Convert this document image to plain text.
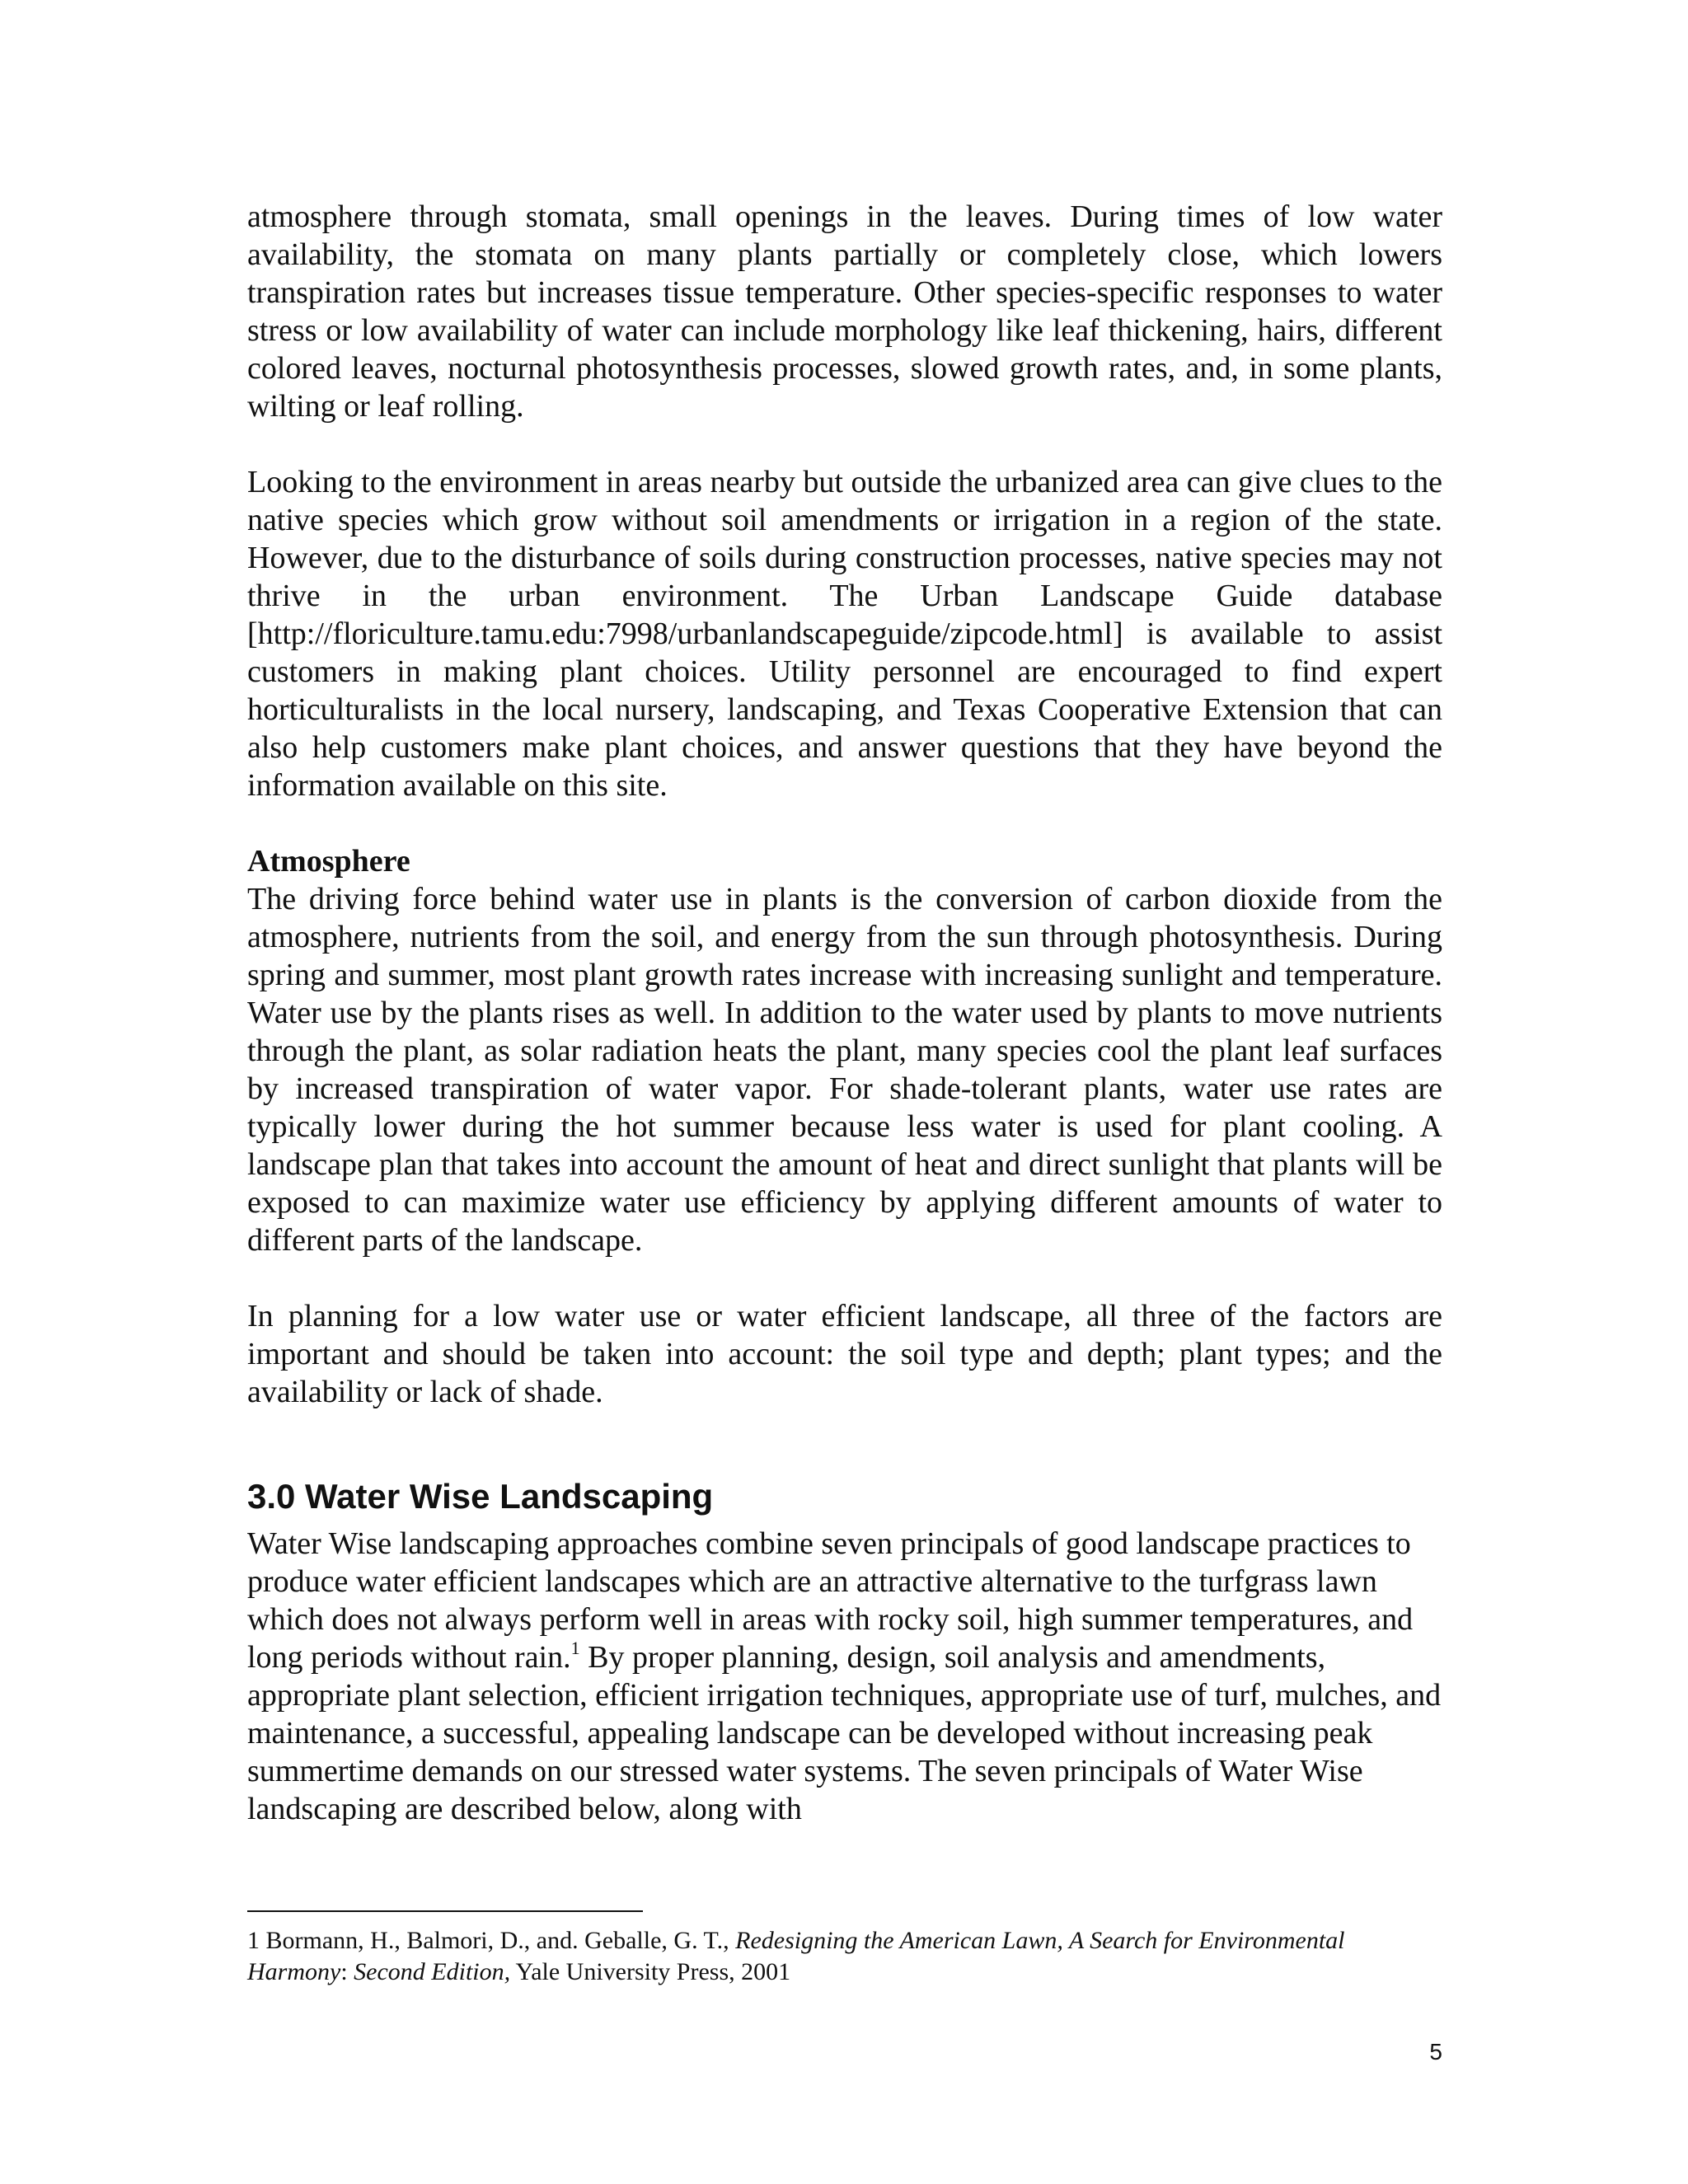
atmosphere through stomata, small openings in the leaves. During times of low water availability, the stomata on many plants partially or completely close, which lowers transpiration rates but increases tissue temperature. Other species-specific responses to water stress or low availability of water can include morphology like leaf thickening, hairs, different colored leaves, nocturnal photosynthesis processes, slowed growth rates, and, in some plants, wilting or leaf rolling.

Looking to the environment in areas nearby but outside the urbanized area can give clues to the native species which grow without soil amendments or irrigation in a region of the state. However, due to the disturbance of soils during construction processes, native species may not thrive in the urban environment. The Urban Landscape Guide database [http://floriculture.tamu.edu:7998/urbanlandscapeguide/zipcode.html] is available to assist customers in making plant choices. Utility personnel are encouraged to find expert horticulturalists in the local nursery, landscaping, and Texas Cooperative Extension that can also help customers make plant choices, and answer questions that they have beyond the information available on this site.

Atmosphere

The driving force behind water use in plants is the conversion of carbon dioxide from the atmosphere, nutrients from the soil, and energy from the sun through photosynthesis. During spring and summer, most plant growth rates increase with increasing sunlight and temperature. Water use by the plants rises as well. In addition to the water used by plants to move nutrients through the plant, as solar radiation heats the plant, many species cool the plant leaf surfaces by increased transpiration of water vapor. For shade-tolerant plants, water use rates are typically lower during the hot summer because less water is used for plant cooling. A landscape plan that takes into account the amount of heat and direct sunlight that plants will be exposed to can maximize water use efficiency by applying different amounts of water to different parts of the landscape.

In planning for a low water use or water efficient landscape, all three of the factors are important and should be taken into account: the soil type and depth; plant types; and the availability or lack of shade.

3.0 Water Wise Landscaping

Water Wise landscaping approaches combine seven principals of good landscape practices to produce water efficient landscapes which are an attractive alternative to the turfgrass lawn which does not always perform well in areas with rocky soil, high summer temperatures, and long periods without rain.$^1$ By proper planning, design, soil analysis and amendments, appropriate plant selection, efficient irrigation techniques, appropriate use of turf, mulches, and maintenance, a successful, appealing landscape can be developed without increasing peak summertime demands on our stressed water systems. The seven principals of Water Wise landscaping are described below, along with

1 Bormann, H., Balmori, D., and. Geballe, G. T., Redesigning the American Lawn, A Search for Environmental Harmony: Second Edition, Yale University Press, 2001

5
